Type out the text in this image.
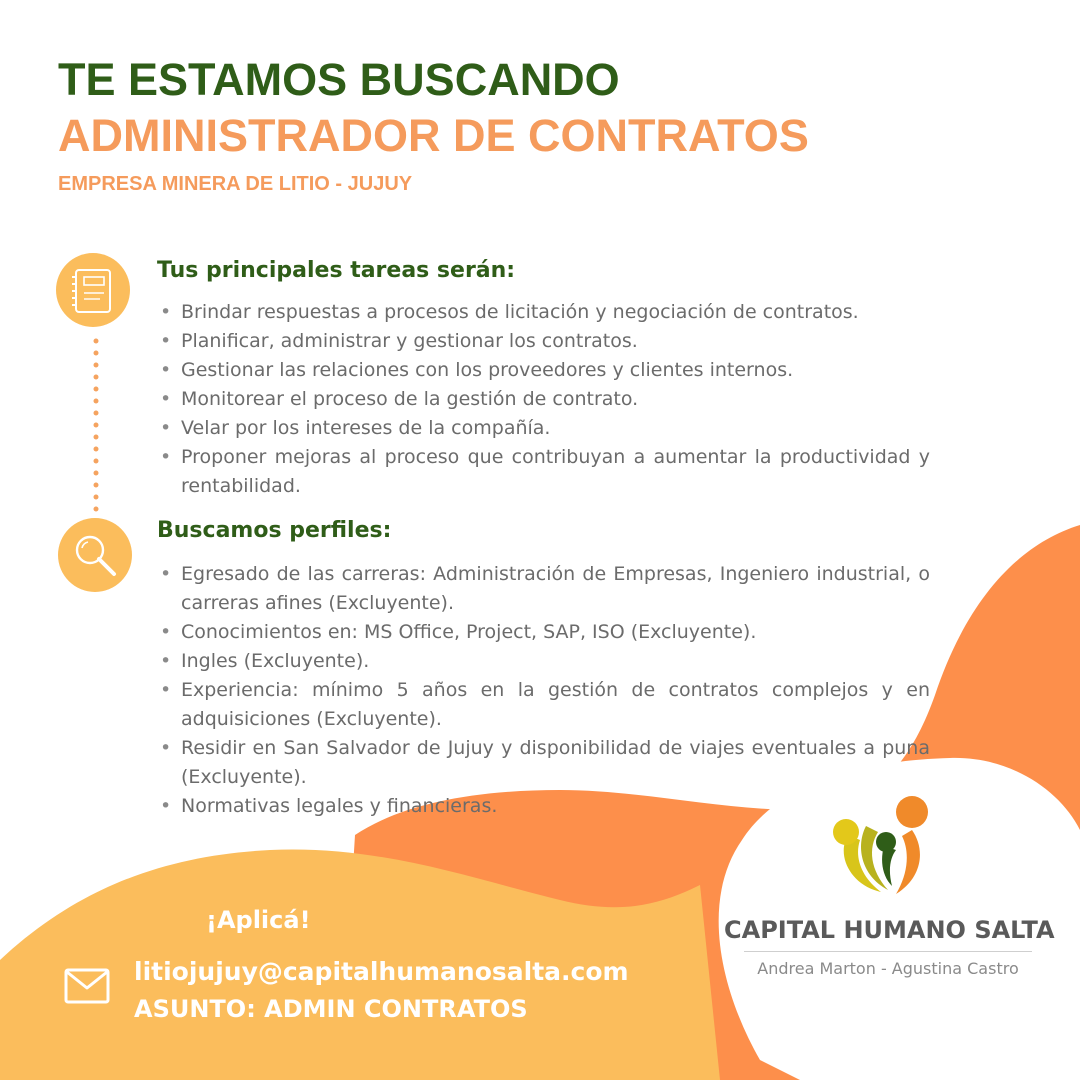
TE ESTAMOS BUSCANDO
ADMINISTRADOR DE CONTRATOS
EMPRESA MINERA DE LITIO - JUJUY
Tus principales tareas serán:
• Brindar respuestas a procesos de licitación y negociación de contratos.
• Planificar, administrar y gestionar los contratos.
• Gestionar las relaciones con los proveedores y clientes internos.
• Monitorear el proceso de la gestión de contrato.
• Velar por los intereses de la compañía.
• Proponer mejoras al proceso que contribuyan a aumentar la productividad y rentabilidad.
Buscamos perfiles:
• Egresado de las carreras: Administración de Empresas, Ingeniero industrial, o carreras afines (Excluyente).
• Conocimientos en: MS Office, Project, SAP, ISO (Excluyente).
• Ingles (Excluyente).
• Experiencia: mínimo 5 años en la gestión de contratos complejos y en adquisiciones (Excluyente).
• Residir en San Salvador de Jujuy y disponibilidad de viajes eventuales a puna (Excluyente).
• Normativas legales y financieras.

¡Aplicá!

litiojujuy@capitalhumanosalta.com

ASUNTO: ADMIN CONTRATOS

CAPITAL HUMANO SALTA

Andrea Marton - Agustina Castro
